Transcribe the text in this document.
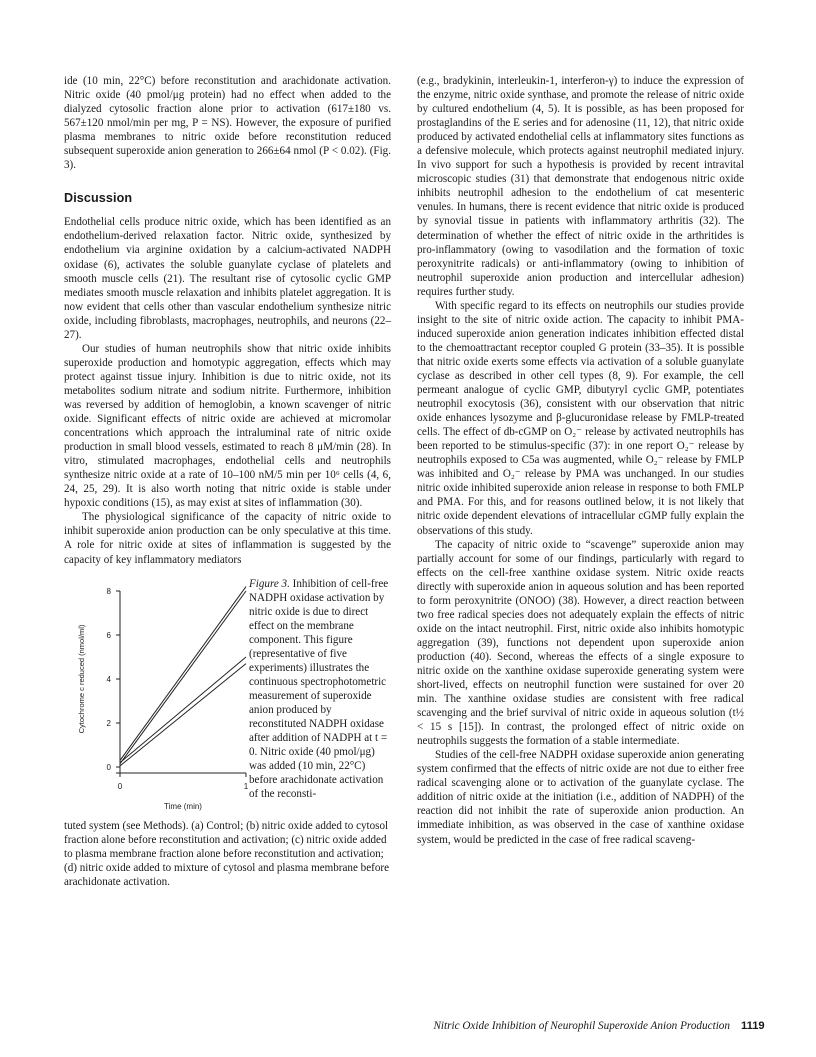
ide (10 min, 22°C) before reconstitution and arachidonate activation. Nitric oxide (40 pmol/μg protein) had no effect when added to the dialyzed cytosolic fraction alone prior to activation (617±180 vs. 567±120 nmol/min per mg, P = NS). However, the exposure of purified plasma membranes to nitric oxide before reconstitution reduced subsequent superoxide anion generation to 266±64 nmol (P < 0.02). (Fig. 3).

Discussion

Endothelial cells produce nitric oxide, which has been identified as an endothelium-derived relaxation factor. Nitric oxide, synthesized by endothelium via arginine oxidation by a calcium-activated NADPH oxidase (6), activates the soluble guanylate cyclase of platelets and smooth muscle cells (21). The resultant rise of cytosolic cyclic GMP mediates smooth muscle relaxation and inhibits platelet aggregation. It is now evident that cells other than vascular endothelium synthesize nitric oxide, including fibroblasts, macrophages, neutrophils, and neurons (22–27).

Our studies of human neutrophils show that nitric oxide inhibits superoxide production and homotypic aggregation, effects which may protect against tissue injury. Inhibition is due to nitric oxide, not its metabolites sodium nitrate and sodium nitrite. Furthermore, inhibition was reversed by addition of hemoglobin, a known scavenger of nitric oxide. Significant effects of nitric oxide are achieved at micromolar concentrations which approach the intraluminal rate of nitric oxide production in small blood vessels, estimated to reach 8 μM/min (28). In vitro, stimulated macrophages, endothelial cells and neutrophils synthesize nitric oxide at a rate of 10–100 nM/5 min per 10⁶ cells (4, 6, 24, 25, 29). It is also worth noting that nitric oxide is stable under hypoxic conditions (15), as may exist at sites of inflammation (30).

The physiological significance of the capacity of nitric oxide to inhibit superoxide anion production can be only speculative at this time. A role for nitric oxide at sites of inflammation is suggested by the capacity of key inflammatory mediators

0
2
4
6
8
0	1
Time (min)
Cytochrome c reduced (nmol/ml)
Figure 3. Inhibition of cell-free NADPH oxidase activation by nitric oxide is due to direct effect on the membrane component. This figure (representative of five experiments) illustrates the continuous spectrophotometric measurement of superoxide anion produced by reconstituted NADPH oxidase after addition of NADPH at t = 0. Nitric oxide (40 pmol/μg) was added (10 min, 22°C) before arachidonate activation of the reconsti-

tuted system (see Methods). (a) Control; (b) nitric oxide added to cytosol fraction alone before reconstitution and activation; (c) nitric oxide added to plasma membrane fraction alone before reconstitution and activation; (d) nitric oxide added to mixture of cytosol and plasma membrane before arachidonate activation.

(e.g., bradykinin, interleukin-1, interferon-γ) to induce the expression of the enzyme, nitric oxide synthase, and promote the release of nitric oxide by cultured endothelium (4, 5). It is possible, as has been proposed for prostaglandins of the E series and for adenosine (11, 12), that nitric oxide produced by activated endothelial cells at inflammatory sites functions as a defensive molecule, which protects against neutrophil mediated injury. In vivo support for such a hypothesis is provided by recent intravital microscopic studies (31) that demonstrate that endogenous nitric oxide inhibits neutrophil adhesion to the endothelium of cat mesenteric venules. In humans, there is recent evidence that nitric oxide is produced by synovial tissue in patients with inflammatory arthritis (32). The determination of whether the effect of nitric oxide in the arthritides is pro-inflammatory (owing to vasodilation and the formation of toxic peroxynitrite radicals) or anti-inflammatory (owing to inhibition of neutrophil superoxide anion production and intercellular adhesion) requires further study.

With specific regard to its effects on neutrophils our studies provide insight to the site of nitric oxide action. The capacity to inhibit PMA-induced superoxide anion generation indicates inhibition effected distal to the chemoattractant receptor coupled G protein (33–35). It is possible that nitric oxide exerts some effects via activation of a soluble guanylate cyclase as described in other cell types (8, 9). For example, the cell permeant analogue of cyclic GMP, dibutyryl cyclic GMP, potentiates neutrophil exocytosis (36), consistent with our observation that nitric oxide enhances lysozyme and β-glucuronidase release by FMLP-treated cells. The effect of db-cGMP on O₂⁻ release by activated neutrophils has been reported to be stimulus-specific (37): in one report O₂⁻ release by neutrophils exposed to C5a was augmented, while O₂⁻ release by FMLP was inhibited and O₂⁻ release by PMA was unchanged. In our studies nitric oxide inhibited superoxide anion release in response to both FMLP and PMA. For this, and for reasons outlined below, it is not likely that nitric oxide dependent elevations of intracellular cGMP fully explain the observations of this study.

The capacity of nitric oxide to “scavenge” superoxide anion may partially account for some of our findings, particularly with regard to effects on the cell-free xanthine oxidase system. Nitric oxide reacts directly with superoxide anion in aqueous solution and has been reported to form peroxynitrite (ONOO) (38). However, a direct reaction between two free radical species does not adequately explain the effects of nitric oxide on the intact neutrophil. First, nitric oxide also inhibits homotypic aggregation (39), functions not dependent upon superoxide anion production (40). Second, whereas the effects of a single exposure to nitric oxide on the xanthine oxidase superoxide generating system were short-lived, effects on neutrophil function were sustained for over 20 min. The xanthine oxidase studies are consistent with free radical scavenging and the brief survival of nitric oxide in aqueous solution (t½ < 15 s [15]). In contrast, the prolonged effect of nitric oxide on neutrophils suggests the formation of a stable intermediate.

Studies of the cell-free NADPH oxidase superoxide anion generating system confirmed that the effects of nitric oxide are not due to either free radical scavenging alone or to activation of the guanylate cyclase. The addition of nitric oxide at the initiation (i.e., addition of NADPH) of the reaction did not inhibit the rate of superoxide anion production. An immediate inhibition, as was observed in the case of xanthine oxidase system, would be predicted in the case of free radical scaveng-

Nitric Oxide Inhibition of Neurophil Superoxide Anion Production 1119
